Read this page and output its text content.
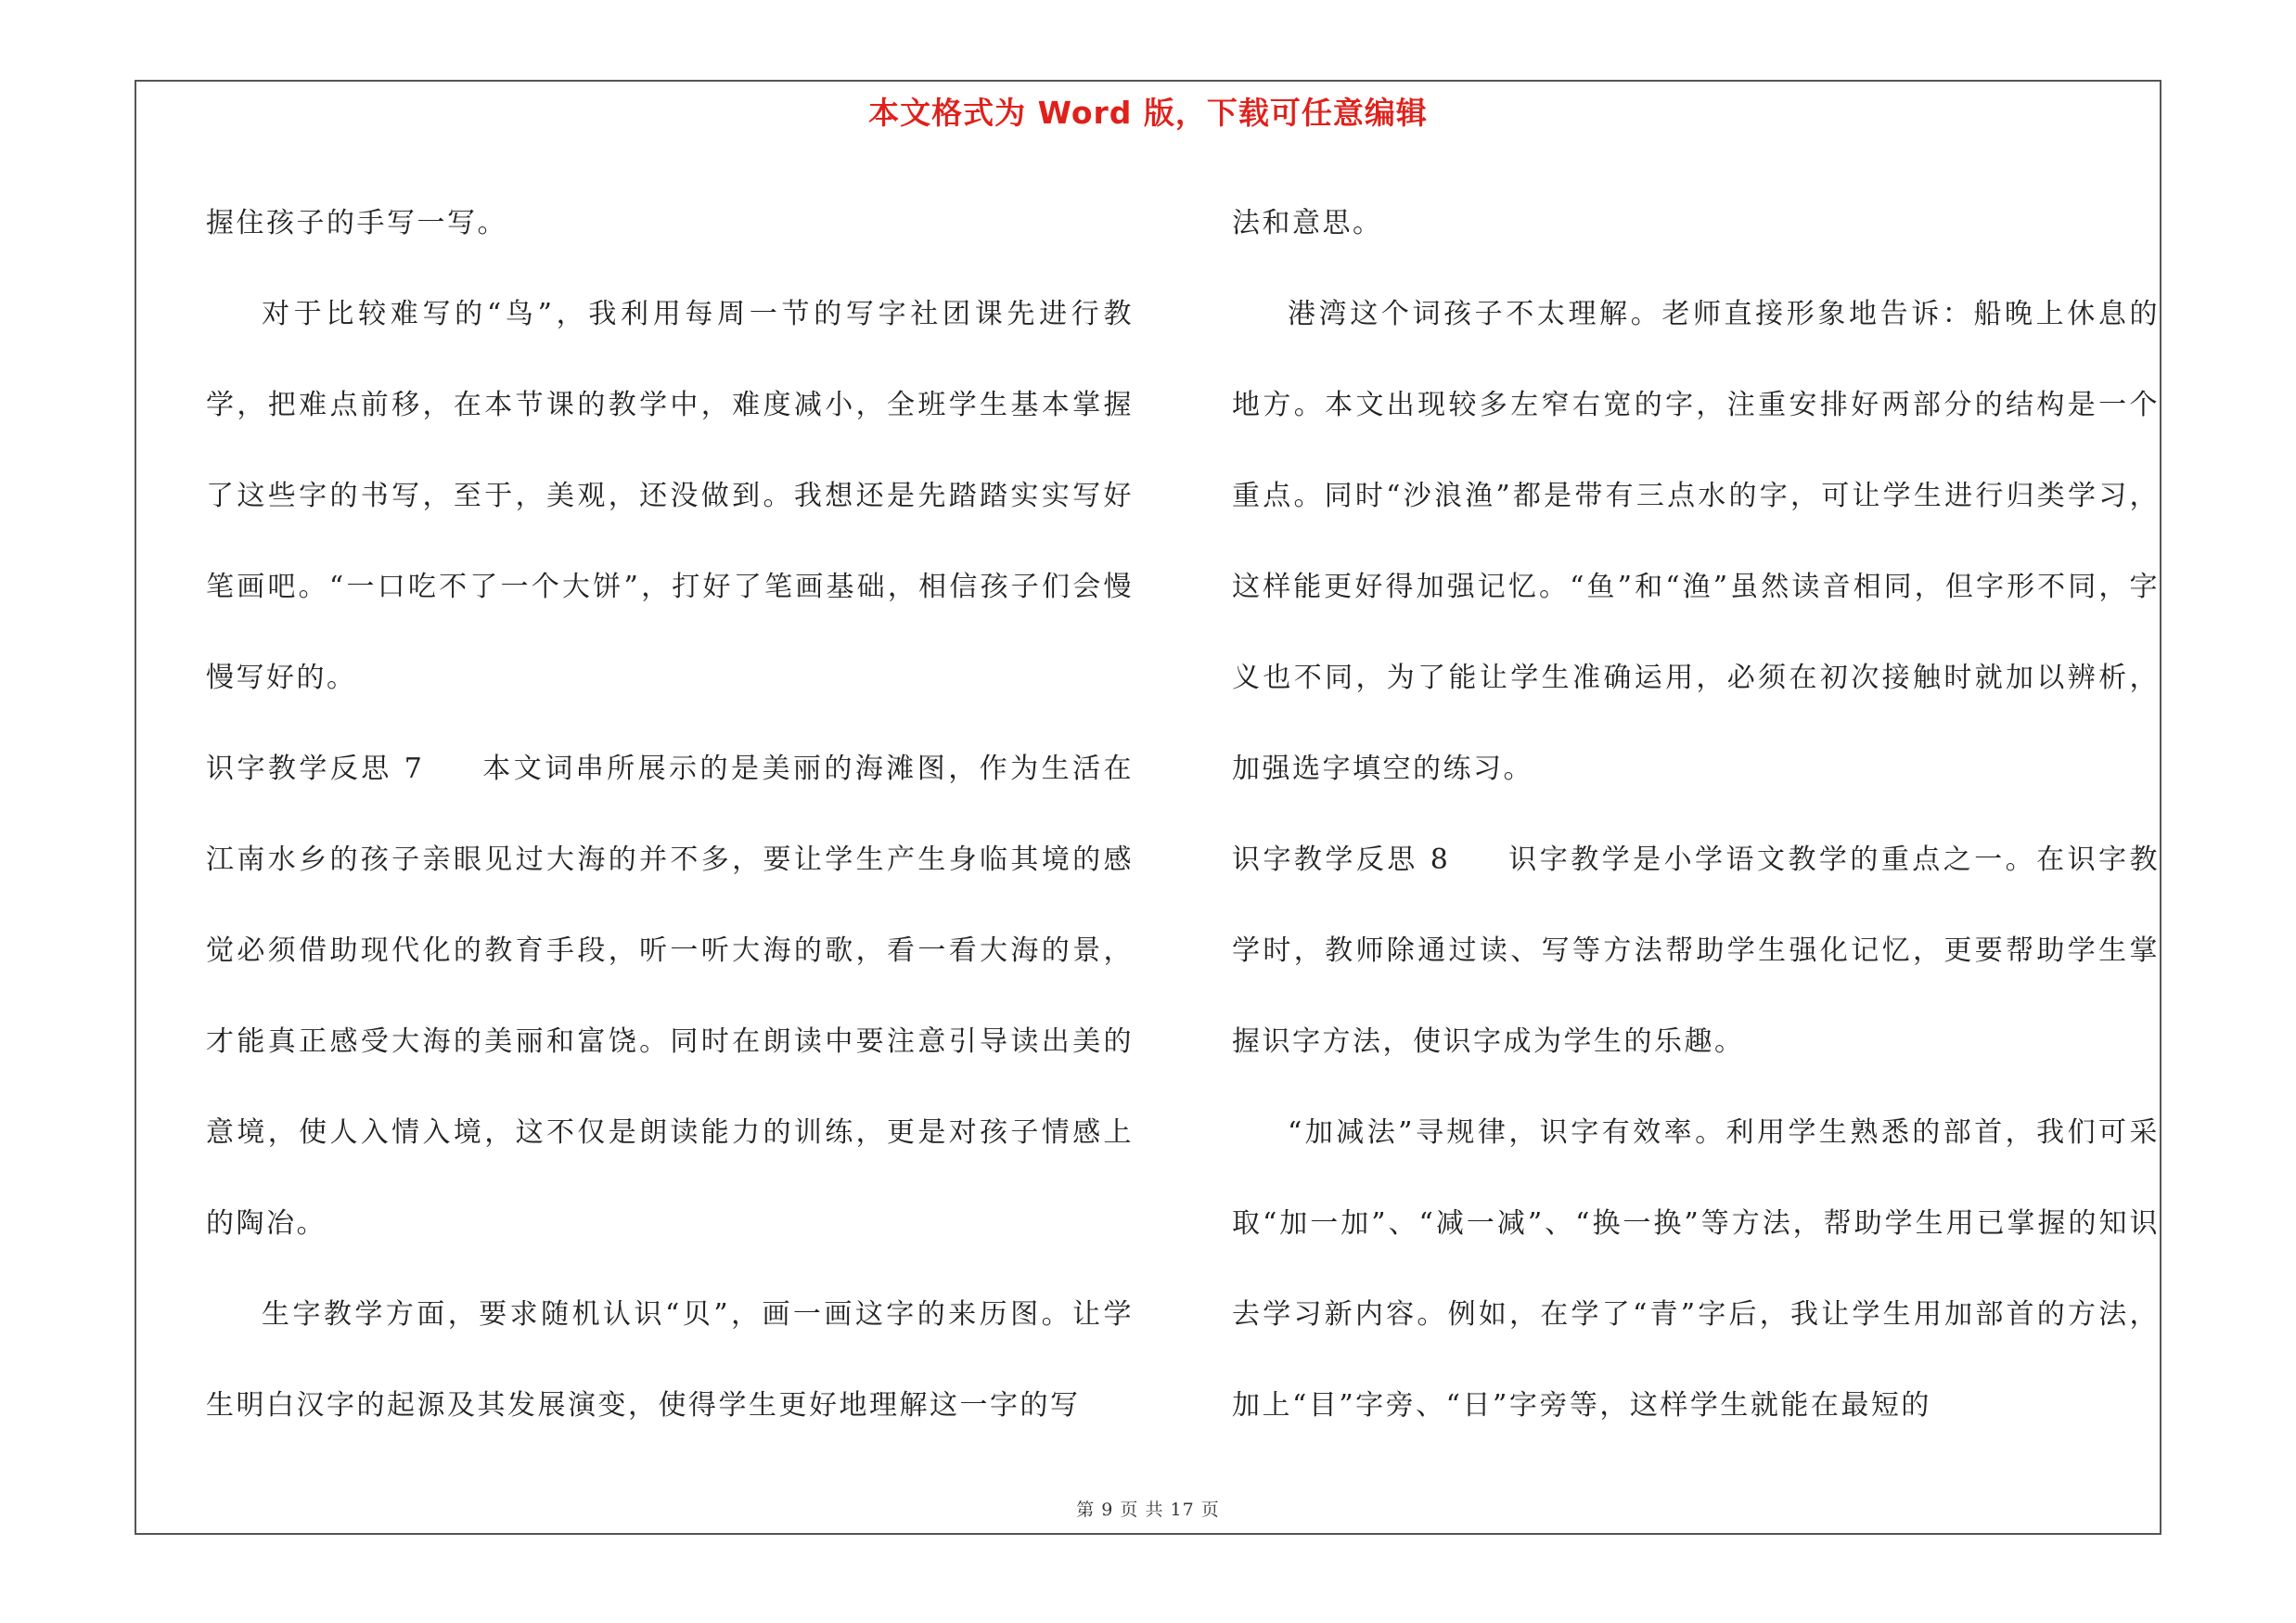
本文格式为 Word 版，下载可任意编辑

握住孩子的手写一写。

对于比较难写的“鸟”，我利用每周一节的写字社团课先进行教学，把难点前移，在本节课的教学中，难度减小，全班学生基本掌握了这些字的书写，至于，美观，还没做到。我想还是先踏踏实实写好笔画吧。“一口吃不了一个大饼”，打好了笔画基础，相信孩子们会慢慢写好的。

识字教学反思 7 本文词串所展示的是美丽的海滩图，作为生活在江南水乡的孩子亲眼见过大海的并不多，要让学生产生身临其境的感觉必须借助现代化的教育手段，听一听大海的歌，看一看大海的景，才能真正感受大海的美丽和富饶。同时在朗读中要注意引导读出美的意境，使人入情入境，这不仅是朗读能力的训练，更是对孩子情感上的陶冶。

生字教学方面，要求随机认识“贝”，画一画这字的来历图。让学生明白汉字的起源及其发展演变，使得学生更好地理解这一字的写

法和意思。

港湾这个词孩子不太理解。老师直接形象地告诉：船晚上休息的地方。本文出现较多左窄右宽的字，注重安排好两部分的结构是一个重点。同时“沙浪渔”都是带有三点水的字，可让学生进行归类学习，这样能更好得加强记忆。“鱼”和“渔”虽然读音相同，但字形不同，字义也不同，为了能让学生准确运用，必须在初次接触时就加以辨析，加强选字填空的练习。

识字教学反思 8 识字教学是小学语文教学的重点之一。在识字教学时，教师除通过读、写等方法帮助学生强化记忆，更要帮助学生掌握识字方法，使识字成为学生的乐趣。

“加减法”寻规律，识字有效率。利用学生熟悉的部首，我们可采取“加一加”、“减一减”、“换一换”等方法，帮助学生用已掌握的知识去学习新内容。例如，在学了“青”字后，我让学生用加部首的方法，加上“目”字旁、“日”字旁等，这样学生就能在最短的

第 9 页 共 17 页
